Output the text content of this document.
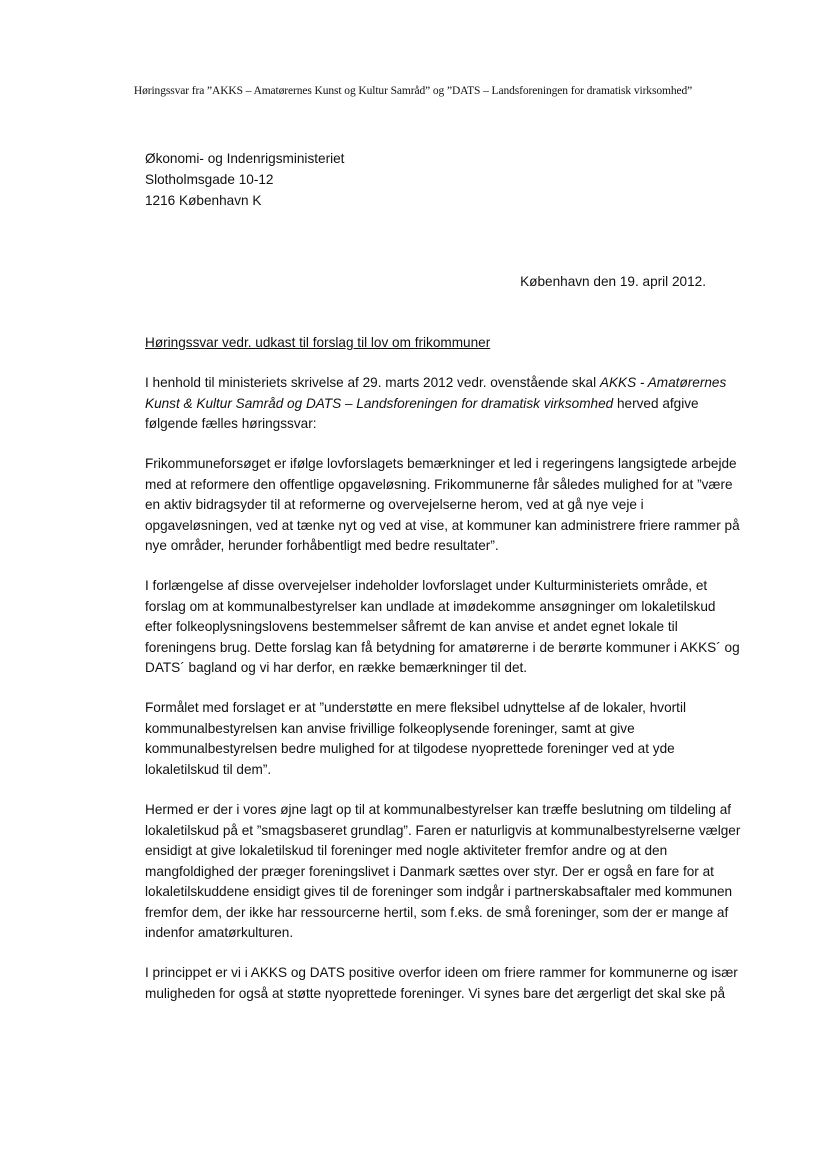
Høringssvar fra ”AKKS – Amatørernes Kunst og Kultur Samråd” og ”DATS – Landsforeningen for dramatisk virksomhed”
Økonomi- og Indenrigsministeriet
Slotholmsgade 10-12
1216 København K
København den 19. april 2012.
Høringssvar vedr. udkast til forslag til lov om frikommuner
I henhold til ministeriets skrivelse af 29. marts 2012 vedr. ovenstående skal AKKS - Amatørernes
Kunst & Kultur Samråd og DATS – Landsforeningen for dramatisk virksomhed herved afgive
følgende fælles høringssvar:
Frikommuneforsøget er ifølge lovforslagets bemærkninger et led i regeringens langsigtede arbejde
med at reformere den offentlige opgaveløsning. Frikommunerne får således mulighed for at ”være
en aktiv bidragsyder til at reformerne og overvejelserne herom, ved at gå nye veje i
opgaveløsningen, ved at tænke nyt og ved at vise, at kommuner kan administrere friere rammer på
nye områder, herunder forhåbentligt med bedre resultater”.
I forlængelse af disse overvejelser indeholder lovforslaget under Kulturministeriets område, et
forslag om at kommunalbestyrelser kan undlade at imødekomme ansøgninger om lokaletilskud
efter folkeoplysningslovens bestemmelser såfremt de kan anvise et andet egnet lokale til
foreningens brug. Dette forslag kan få betydning for amatørerne i de berørte kommuner i AKKS´ og
DATS´ bagland og vi har derfor, en række bemærkninger til det.
Formålet med forslaget er at ”understøtte en mere fleksibel udnyttelse af de lokaler, hvortil
kommunalbestyrelsen kan anvise frivillige folkeoplysende foreninger, samt at give
kommunalbestyrelsen bedre mulighed for at tilgodese nyoprettede foreninger ved at yde
lokaletilskud til dem”.
Hermed er der i vores øjne lagt op til at kommunalbestyrelser kan træffe beslutning om tildeling af
lokaletilskud på et ”smagsbaseret grundlag”. Faren er naturligvis at kommunalbestyrelserne vælger
ensidigt at give lokaletilskud til foreninger med nogle aktiviteter fremfor andre og at den
mangfoldighed der præger foreningslivet i Danmark sættes over styr. Der er også en fare for at
lokaletilskuddene ensidigt gives til de foreninger som indgår i partnerskabsaftaler med kommunen
fremfor dem, der ikke har ressourcerne hertil, som f.eks. de små foreninger, som der er mange af
indenfor amatørkulturen.
I princippet er vi i AKKS og DATS positive overfor ideen om friere rammer for kommunerne og især
muligheden for også at støtte nyoprettede foreninger. Vi synes bare det ærgerligt det skal ske på
